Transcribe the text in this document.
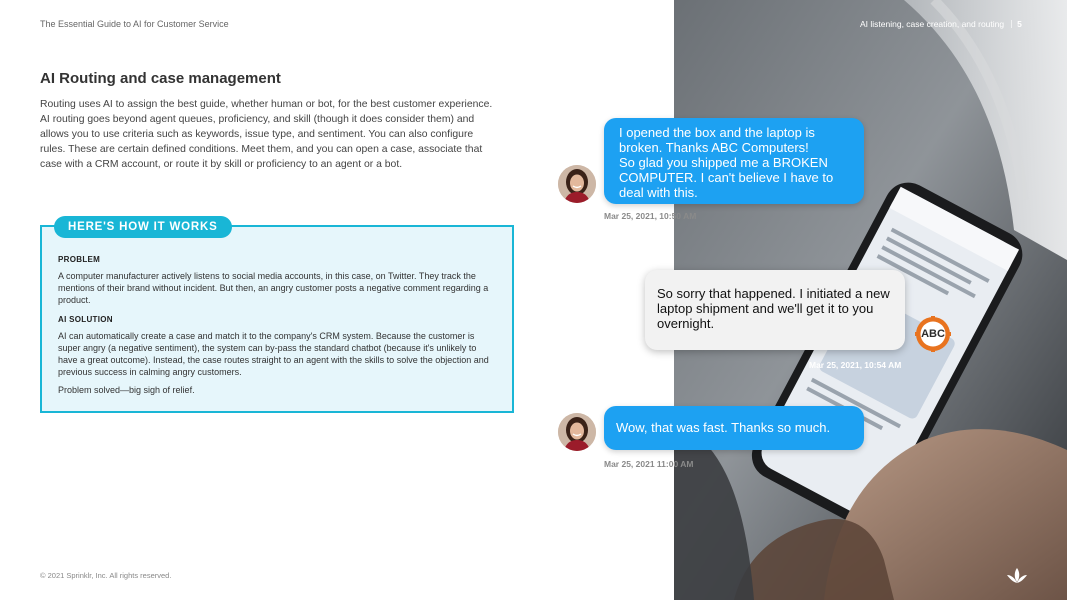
The Essential Guide to AI for Customer Service	AI listening, case creation, and routing 5
AI Routing and case management
Routing uses AI to assign the best guide, whether human or bot, for the best customer experience. AI routing goes beyond agent queues, proficiency, and skill (though it does consider them) and allows you to use criteria such as keywords, issue type, and sentiment. You can also configure rules. These are certain defined conditions. Meet them, and you can open a case, associate that case with a CRM account, or route it by skill or proficiency to an agent or a bot.
PROBLEM
A computer manufacturer actively listens to social media accounts, in this case, on Twitter. They track the mentions of their brand without incident. But then, an angry customer posts a negative comment regarding a product.
AI SOLUTION
AI can automatically create a case and match it to the company's CRM system. Because the customer is super angry (a negative sentiment), the system can by-pass the standard chatbot (because it's unlikely to have a great outcome). Instead, the case routes straight to an agent with the skills to solve the objection and previous success in calming angry customers.
Problem solved—big sigh of relief.
HERE'S HOW IT WORKS
I opened the box and the laptop is broken. Thanks ABC Computers!
So glad you shipped me a BROKEN COMPUTER. I can't believe I have to deal with this.
Mar 25, 2021, 10:50 AM
So sorry that happened. I initiated a new laptop shipment and we'll get it to you overnight.
ABC
Mar 25, 2021, 10:54 AM
Wow, that was fast. Thanks so much.
Mar 25, 2021 11:00 AM
© 2021 Sprinklr, Inc. All rights reserved.
